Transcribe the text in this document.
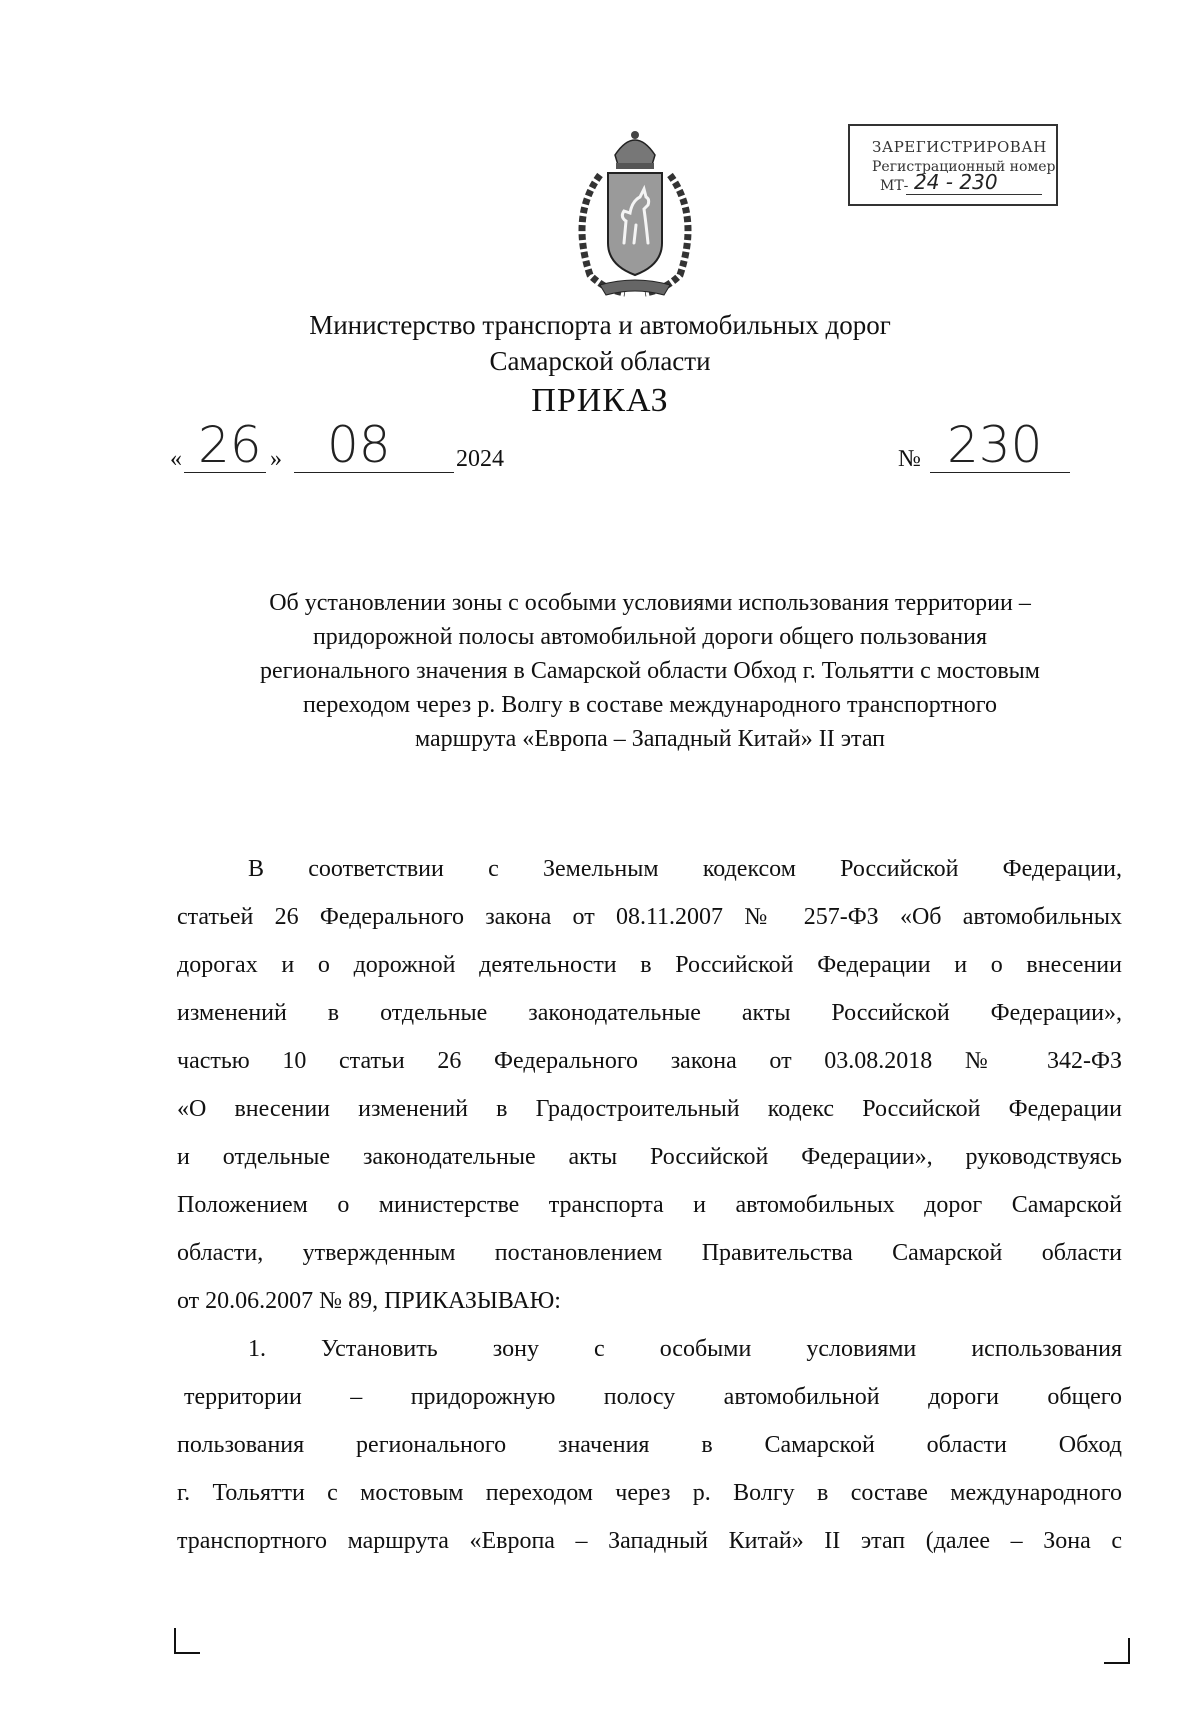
ЗАРЕГИСТРИРОВАН
Регистрационный номер
МТ- 24 - 230
Министерство транспорта и автомобильных дорог
Самарской области
ПРИКАЗ
« 26 » 08	2024	№ 230
Об установлении зоны с особыми условиями использования территории –
придорожной полосы автомобильной дороги общего пользования
регионального значения в Самарской области Обход г. Тольятти с мостовым
переходом через р. Волгу в составе международного транспортного
маршрута «Европа – Западный Китай» II этап
В соответствии с Земельным кодексом Российской Федерации,
статьей 26 Федерального закона от 08.11.2007 № 257-ФЗ «Об автомобильных
дорогах и о дорожной деятельности в Российской Федерации и о внесении
изменений в отдельные законодательные акты Российской Федерации»,
частью 10 статьи 26 Федерального закона от 03.08.2018 № 342-ФЗ
«О внесении изменений в Градостроительный кодекс Российской Федерации
и отдельные законодательные акты Российской Федерации», руководствуясь
Положением о министерстве транспорта и автомобильных дорог Самарской
области, утвержденным постановлением Правительства Самарской области
от 20.06.2007 № 89, ПРИКАЗЫВАЮ:
1. Установить зону с особыми условиями использования
территории – придорожную полосу автомобильной дороги общего
пользования регионального значения в Самарской области Обход
г. Тольятти с мостовым переходом через р. Волгу в составе международного
транспортного маршрута «Европа – Западный Китай» II этап (далее – Зона с
